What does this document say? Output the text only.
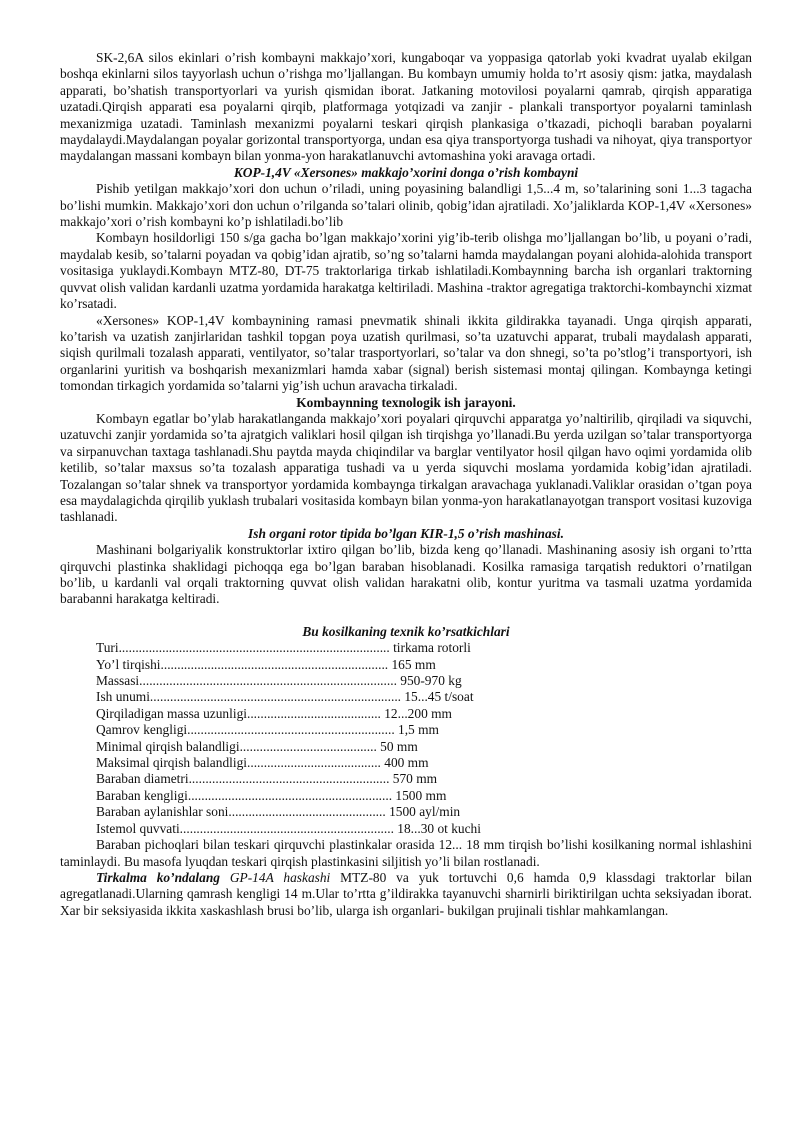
SK-2,6A silos ekinlari o’rish kombayni makkajo’xori, kungaboqar va yoppasiga qatorlab yoki kvadrat uyalab ekilgan boshqa ekinlarni silos tayyorlash uchun o’rishga mo’ljallangan. Bu kombayn umumiy holda to’rt asosiy qism: jatka, maydalash apparati, bo’shatish transportyorlari va yurish qismidan iborat. Jatkaning motovilosi poyalarni qamrab, qirqish apparatiga uzatadi.Qirqish apparati esa poyalarni qirqib, platformaga yotqizadi va zanjir - plankali transportyor poyalarni taminlash mexanizmiga uzatadi. Taminlash mexanizmi poyalarni teskari qirqish plankasiga o’tkazadi, pichoqli baraban poyalarni maydalaydi.Maydalangan poyalar gorizontal transportyorga, undan esa qiya transportyorga tushadi va nihoyat, qiya transportyor maydalangan massani kombayn bilan yonma-yon harakatlanuvchi avtomashina yoki aravaga ortadi.

KOP-1,4V «Xersones» makkajo’xorini donga o’rish kombayni

Pishib yetilgan makkajo’xori don uchun o’riladi, uning poyasining balandligi 1,5...4 m, so’talarining soni 1...3 tagacha bo’lishi mumkin. Makkajo’xori don uchun o’rilganda so’talari olinib, qobig’idan ajratiladi. Xo’jaliklarda KOP-1,4V «Xersones» makkajo’xori o’rish kombayni ko’p ishlatiladi.bo’lib

Kombayn hosildorligi 150 s/ga gacha bo’lgan makkajo’xorini yig’ib-terib olishga mo’ljallangan bo’lib, u poyani o’radi, maydalab kesib, so’talarni poyadan va qobig’idan ajratib, so’ng so’talarni hamda maydalangan poyani alohida-alohida transport vositasiga yuklaydi.Kombayn MTZ-80, DT-75 traktorlariga tirkab ishlatiladi.Kombaynning barcha ish organlari traktorning quvvat olish validan kardanli uzatma yordamida harakatga keltiriladi. Mashina -traktor agregatiga traktorchi-kombaynchi xizmat ko’rsatadi.

«Xersones» KOP-1,4V kombaynining ramasi pnevmatik shinali ikkita gildirakka tayanadi. Unga qirqish apparati, ko’tarish va uzatish zanjirlaridan tashkil topgan poya uzatish qurilmasi, so’ta uzatuvchi apparat, trubali maydalash apparati, siqish qurilmali tozalash apparati, ventilyator, so’talar trasportyorlari, so’talar va don shnegi, so’ta po’stlog’i transportyori, ish organlarini yuritish va boshqarish mexanizmlari hamda xabar (signal) berish sistemasi montaj qilingan. Kombaynga ketingi tomondan tirkagich yordamida so’talarni yig’ish uchun aravacha tirkaladi.

Kombaynning texnologik ish jarayoni.

Kombayn egatlar bo’ylab harakatlanganda makkajo’xori poyalari qirquvchi apparatga yo’naltirilib, qirqiladi va siquvchi, uzatuvchi zanjir yordamida so’ta ajratgich valiklari hosil qilgan ish tirqishga yo’llanadi.Bu yerda uzilgan so’talar transportyorga va sirpanuvchan taxtaga tashlanadi.Shu paytda mayda chiqindilar va barglar ventilyator hosil qilgan havo oqimi yordamida olib ketilib, so’talar maxsus so’ta tozalash apparatiga tushadi va u yerda siquvchi moslama yordamida kobig’idan ajratiladi. Tozalangan so’talar shnek va transportyor yordamida kombaynga tirkalgan aravachaga yuklanadi.Valiklar orasidan o’tgan poya esa maydalagichda qirqilib yuklash trubalari vositasida kombayn bilan yonma-yon harakatlanayotgan transport vositasi kuzoviga tashlanadi.

Ish organi rotor tipida bo’lgan KIR-1,5 o’rish mashinasi.

Mashinani bolgariyalik konstruktorlar ixtiro qilgan bo’lib, bizda keng qo’llanadi. Mashinaning asosiy ish organi to’rtta qirquvchi plastinka shaklidagi pichoqqa ega bo’lgan baraban hisoblanadi. Kosilka ramasiga tarqatish reduktori o’rnatilgan bo’lib, u kardanli val orqali traktorning quvvat olish validan harakatni olib, kontur yuritma va tasmali uzatma yordamida barabanni harakatga keltiradi.

Bu kosilkaning texnik ko’rsatkichlari
Turi................................................................................. tirkama rotorli
Yo’l tirqishi.................................................................... 165 mm
Massasi............................................................................. 950-970 kg
Ish unumi........................................................................... 15...45 t/soat
Qirqiladigan massa uzunligi........................................ 12...200 mm
Qamrov kengligi.............................................................. 1,5 mm
Minimal qirqish balandligi......................................... 50 mm
Maksimal qirqish balandligi........................................ 400 mm
Baraban diametri............................................................ 570 mm
Baraban kengligi............................................................. 1500 mm
Baraban aylanishlar soni............................................... 1500 ayl/min
Istemol quvvati................................................................ 18...30 ot kuchi

Baraban pichoqlari bilan teskari qirquvchi plastinkalar orasida 12... 18 mm tirqish bo’lishi kosilkaning normal ishlashini taminlaydi. Bu masofa lyuqdan teskari qirqish plastinkasini siljitish yo’li bilan rostlanadi.

Tirkalma ko’ndalang GP-14A haskashi MTZ-80 va yuk tortuvchi 0,6 hamda 0,9 klassdagi traktorlar bilan agregatlanadi.Ularning qamrash kengligi 14 m.Ular to’rtta g’ildirakka tayanuvchi sharnirli biriktirilgan uchta seksiyadan iborat. Xar bir seksiyasida ikkita xaskashlash brusi bo’lib, ularga ish organlari- bukilgan prujinali tishlar mahkamlangan.
